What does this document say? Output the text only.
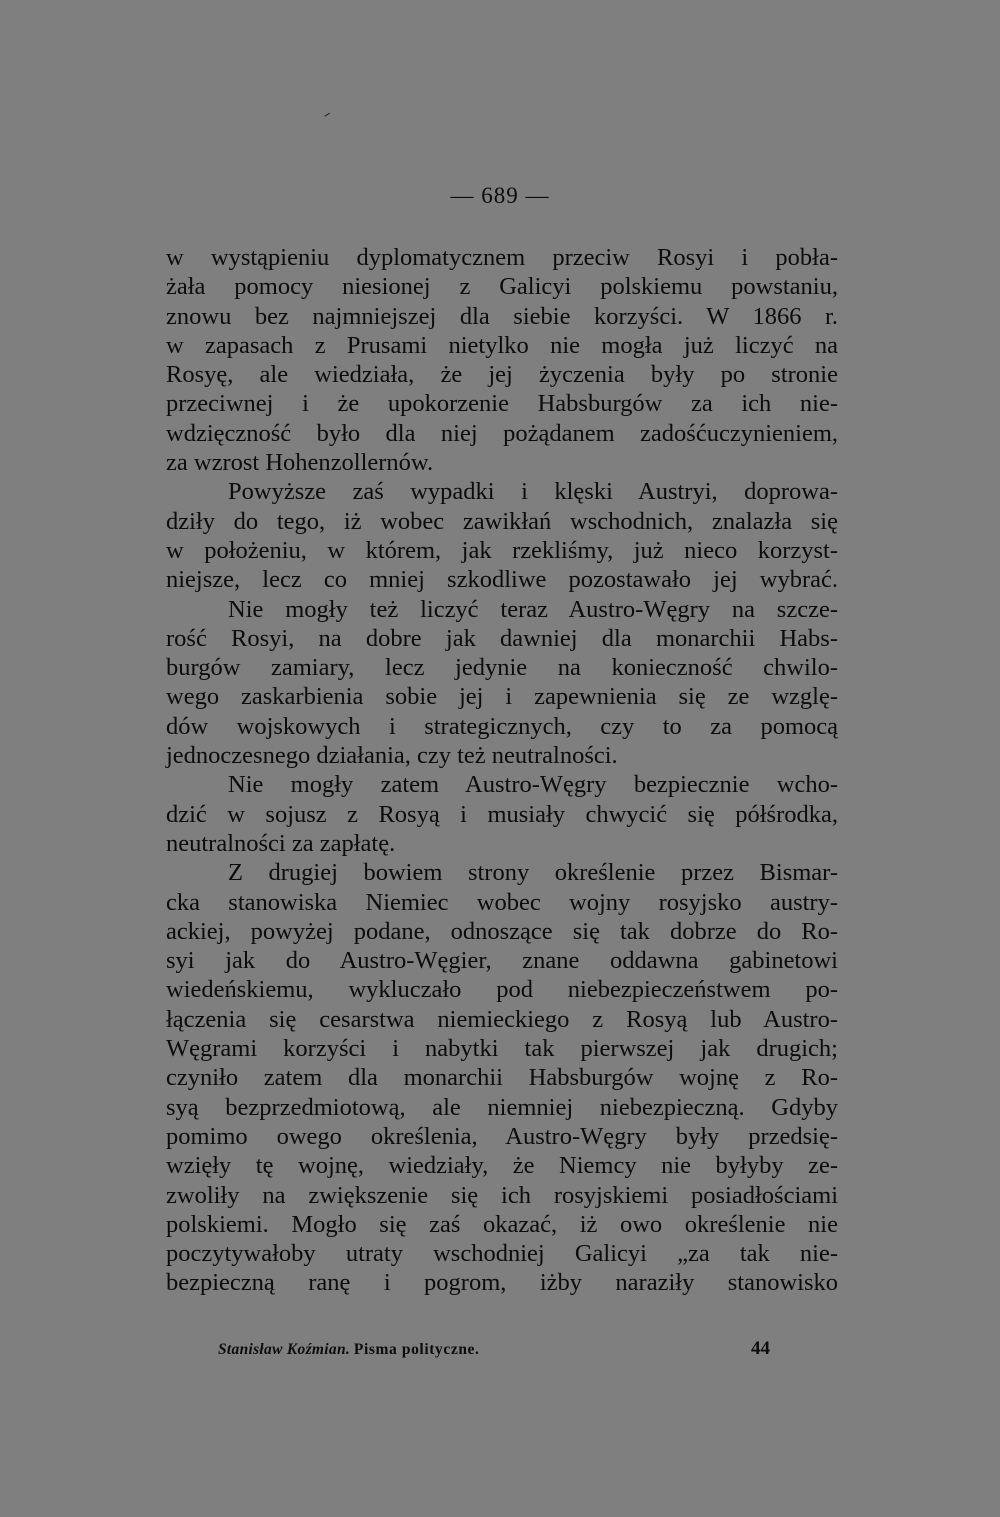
— 689 —
w wystąpieniu dyplomatycznem przeciw Rosyi i pobła-
żała pomocy niesionej z Galicyi polskiemu powstaniu,
znowu bez najmniejszej dla siebie korzyści. W 1866 r.
w zapasach z Prusami nietylko nie mogła już liczyć na
Rosyę, ale wiedziała, że jej życzenia były po stronie
przeciwnej i że upokorzenie Habsburgów za ich nie-
wdzięczność było dla niej pożądanem zadośćuczynieniem,
za wzrost Hohenzollernów.
Powyższe zaś wypadki i klęski Austryi, doprowa-
dziły do tego, iż wobec zawikłań wschodnich, znalazła się
w położeniu, w którem, jak rzekliśmy, już nieco korzyst-
niejsze, lecz co mniej szkodliwe pozostawało jej wybrać.
Nie mogły też liczyć teraz Austro-Węgry na szcze-
rość Rosyi, na dobre jak dawniej dla monarchii Habs-
burgów zamiary, lecz jedynie na konieczność chwilo-
wego zaskarbienia sobie jej i zapewnienia się ze wzglę-
dów wojskowych i strategicznych, czy to za pomocą
jednoczesnego działania, czy też neutralności.
Nie mogły zatem Austro-Węgry bezpiecznie wcho-
dzić w sojusz z Rosyą i musiały chwycić się półśrodka,
neutralności za zapłatę.
Z drugiej bowiem strony określenie przez Bismar-
cka stanowiska Niemiec wobec wojny rosyjsko austry-
ackiej, powyżej podane, odnoszące się tak dobrze do Ro-
syi jak do Austro-Węgier, znane oddawna gabinetowi
wiedeńskiemu, wykluczało pod niebezpieczeństwem po-
łączenia się cesarstwa niemieckiego z Rosyą lub Austro-
Węgrami korzyści i nabytki tak pierwszej jak drugich;
czyniło zatem dla monarchii Habsburgów wojnę z Ro-
syą bezprzedmiotową, ale niemniej niebezpieczną. Gdyby
pomimo owego określenia, Austro-Węgry były przedsię-
wzięły tę wojnę, wiedziały, że Niemcy nie byłyby ze-
zwoliły na zwiększenie się ich rosyjskiemi posiadłościami
polskiemi. Mogło się zaś okazać, iż owo określenie nie
poczytywałoby utraty wschodniej Galicyi „za tak nie-
bezpieczną ranę i pogrom, iżby naraziły stanowisko
Stanisław Koźmian. Pisma polityczne.	44
